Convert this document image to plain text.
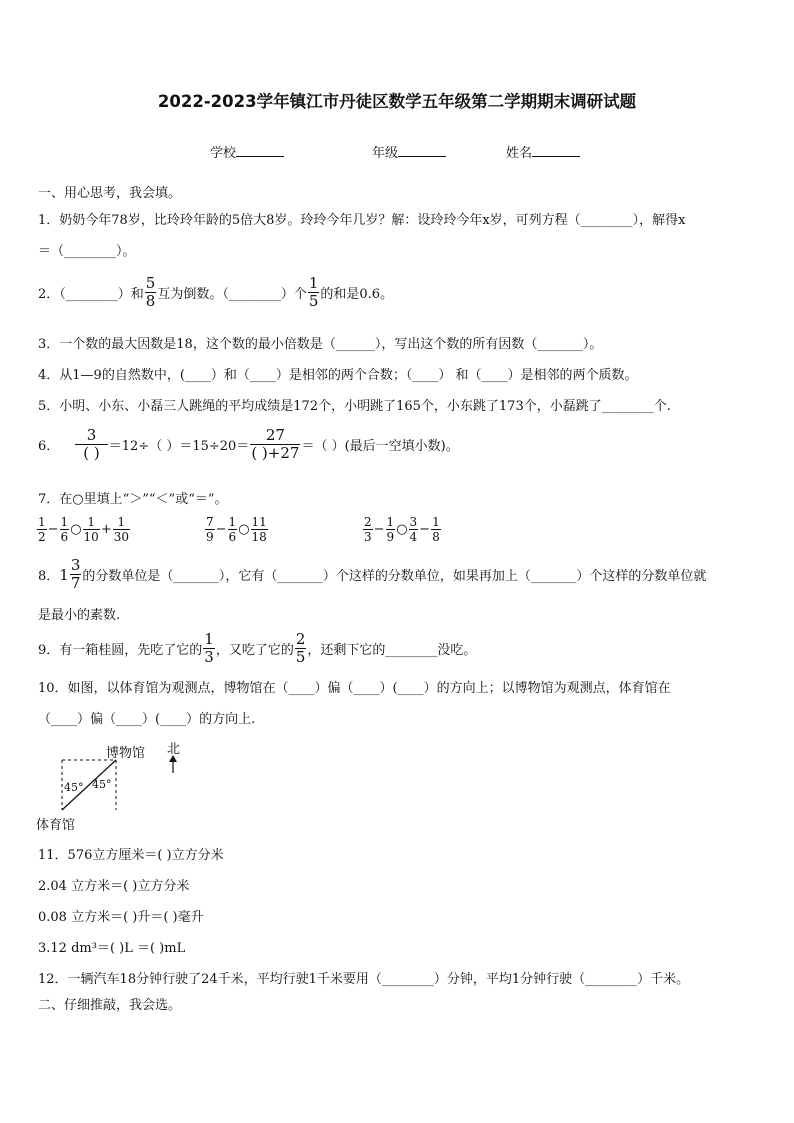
2022-2023学年镇江市丹徒区数学五年级第二学期期末调研试题
学校	年级	姓名
一、用心思考，我会填。
1．奶奶今年78岁，比玲玲年龄的5倍大8岁。玲玲今年几岁？解：设玲玲今年x岁，可列方程（________），解得x
＝（________）。
2．（________）和 $\frac{5}{8}$ 互为倒数。（________）个 $\frac{1}{5}$ 的和是0.6。
3．一个数的最大因数是18，这个数的最小倍数是（______），写出这个数的所有因数（_______）。
4．从1—9的自然数中，(____）和（____）是相邻的两个合数；（____） 和（____）是相邻的两个质数。
5．小明、小东、小磊三人跳绳的平均成绩是172个，小明跳了165个，小东跳了173个，小磊跳了________个.
6． $\frac{3}{( )} =12\div$（ ）$=15\div 20= \frac{27}{( )+27}$ ＝（ ）(最后一空填小数)。
7．在○里填上“＞”“＜”或“＝”。
$\frac{1}{2} - \frac{1}{6}$ ○ $\frac{1}{10} + \frac{1}{30}$	$\frac{7}{9} - \frac{1}{6}$ ○ $\frac{11}{18}$	$\frac{2}{3} - \frac{1}{9}$ ○ $\frac{3}{4} - \frac{1}{8}$
8． $1 \frac{3}{7}$ 的分数单位是（_______），它有（_______）个这样的分数单位，如果再加上（_______）个这样的分数单位就
是最小的素数.
9．有一箱桂圆，先吃了它的 $\frac{1}{3}$ ，又吃了它的 $\frac{2}{5}$ ，还剩下它的________没吃。
10．如图，以体育馆为观测点，博物馆在（____）偏（____）(____）的方向上；以博物馆为观测点，体育馆在
（____）偏（____）(____）的方向上.
博物馆 北
45° 45°
体育馆
11．576立方厘米＝( )立方分米
2.04 立方米＝( )立方分米
0.08 立方米＝( )升＝( )毫升
3.12 dm³＝( )L ＝( )mL
12．一辆汽车18分钟行驶了24千米，平均行驶1千米要用（________）分钟，平均1分钟行驶（________）千米。
二、仔细推敲，我会选。
